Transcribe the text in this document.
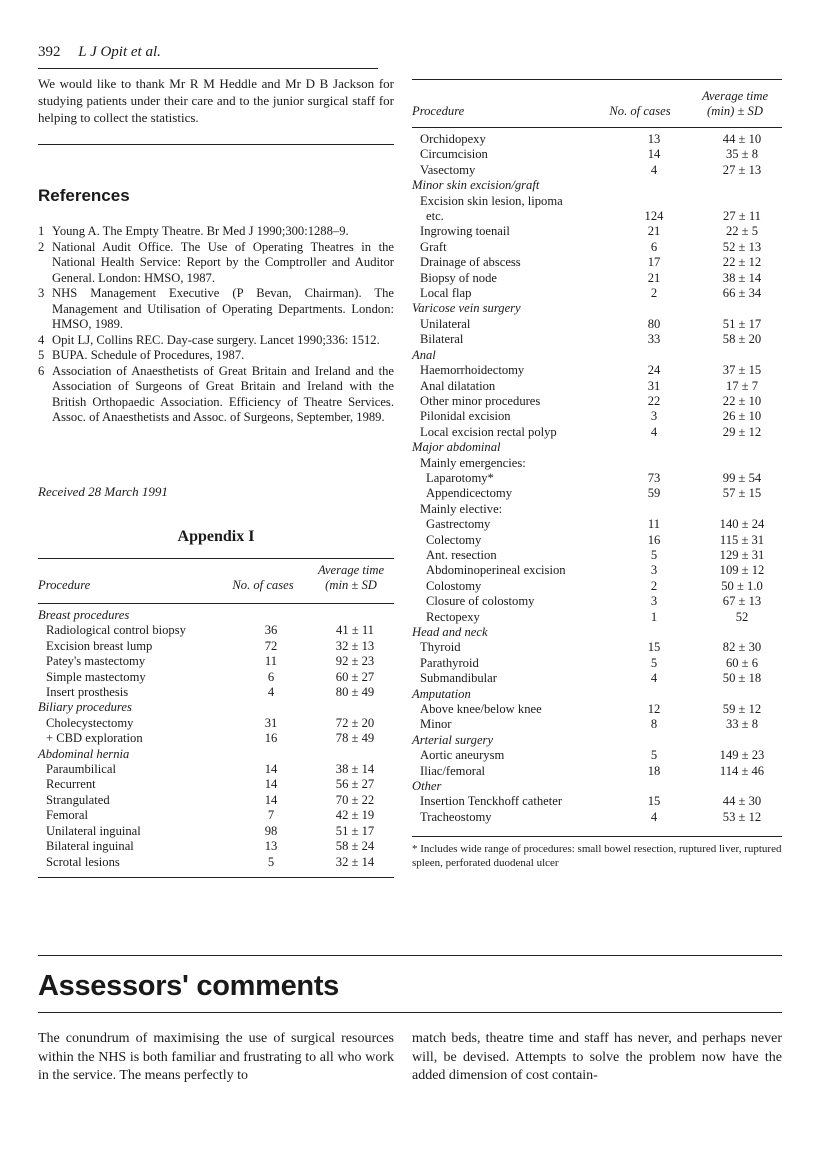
392 L J Opit et al.
We would like to thank Mr R M Heddle and Mr D B Jackson for studying patients under their care and to the junior surgical staff for helping to collect the statistics.
References
1 Young A. The Empty Theatre. Br Med J 1990;300:1288–9.
2 National Audit Office. The Use of Operating Theatres in the National Health Service: Report by the Comptroller and Auditor General. London: HMSO, 1987.
3 NHS Management Executive (P Bevan, Chairman). The Management and Utilisation of Operating Departments. London: HMSO, 1989.
4 Opit LJ, Collins REC. Day-case surgery. Lancet 1990;336: 1512.
5 BUPA. Schedule of Procedures, 1987.
6 Association of Anaesthetists of Great Britain and Ireland and the Association of Surgeons of Great Britain and Ireland with the British Orthopaedic Association. Efficiency of Theatre Services. Assoc. of Anaesthetists and Assoc. of Surgeons, September, 1989.
Received 28 March 1991
Appendix I
		Average time
Procedure	No. of cases	(min ± SD
Breast procedures		
Radiological control biopsy	36	41 ± 11
Excision breast lump	72	32 ± 13
Patey's mastectomy	11	92 ± 23
Simple mastectomy	6	60 ± 27
Insert prosthesis	4	80 ± 49
Biliary procedures		
Cholecystectomy	31	72 ± 20
+ CBD exploration	16	78 ± 49
Abdominal hernia		
Paraumbilical	14	38 ± 14
Recurrent	14	56 ± 27
Strangulated	14	70 ± 22
Femoral	7	42 ± 19
Unilateral inguinal	98	51 ± 17
Bilateral inguinal	13	58 ± 24
Scrotal lesions	5	32 ± 14
		Average time
Procedure	No. of cases	(min) ± SD
Orchidopexy	13	44 ± 10
Circumcision	14	35 ± 8
Vasectomy	4	27 ± 13
Minor skin excision/graft		
Excision skin lesion, lipoma		
etc.	124	27 ± 11
Ingrowing toenail	21	22 ± 5
Graft	6	52 ± 13
Drainage of abscess	17	22 ± 12
Biopsy of node	21	38 ± 14
Local flap	2	66 ± 34
Varicose vein surgery		
Unilateral	80	51 ± 17
Bilateral	33	58 ± 20
Anal		
Haemorrhoidectomy	24	37 ± 15
Anal dilatation	31	17 ± 7
Other minor procedures	22	22 ± 10
Pilonidal excision	3	26 ± 10
Local excision rectal polyp	4	29 ± 12
Major abdominal		
Mainly emergencies:		
Laparotomy*	73	99 ± 54
Appendicectomy	59	57 ± 15
Mainly elective:		
Gastrectomy	11	140 ± 24
Colectomy	16	115 ± 31
Ant. resection	5	129 ± 31
Abdominoperineal excision	3	109 ± 12
Colostomy	2	50 ± 1.0
Closure of colostomy	3	67 ± 13
Rectopexy	1	52
Head and neck		
Thyroid	15	82 ± 30
Parathyroid	5	60 ± 6
Submandibular	4	50 ± 18
Amputation		
Above knee/below knee	12	59 ± 12
Minor	8	33 ± 8
Arterial surgery		
Aortic aneurysm	5	149 ± 23
Iliac/femoral	18	114 ± 46
Other		
Insertion Tenckhoff catheter	15	44 ± 30
Tracheostomy	4	53 ± 12
* Includes wide range of procedures: small bowel resection, ruptured liver, ruptured spleen, perforated duodenal ulcer
Assessors' comments
The conundrum of maximising the use of surgical resources within the NHS is both familiar and frustrating to all who work in the service. The means perfectly to
match beds, theatre time and staff has never, and perhaps never will, be devised. Attempts to solve the problem now have the added dimension of cost contain-
